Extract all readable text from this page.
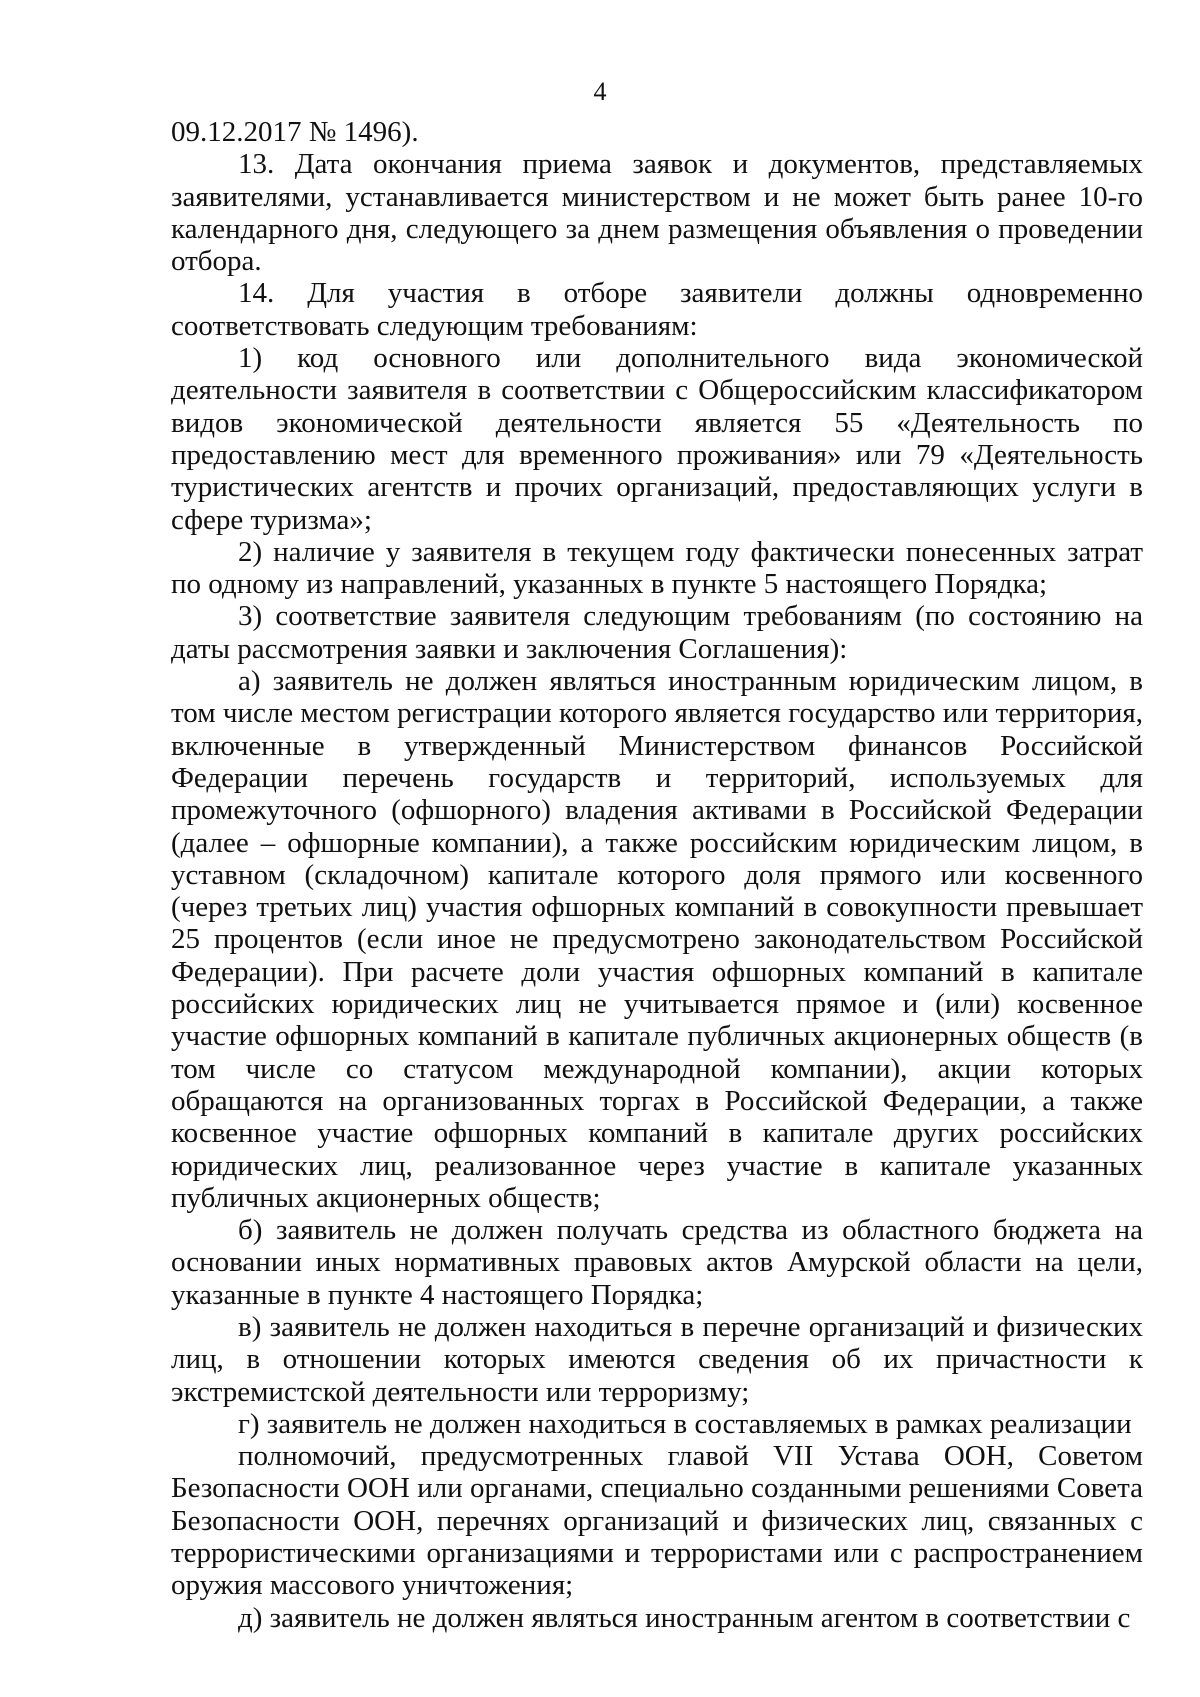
4

09.12.2017 № 1496).

13. Дата окончания приема заявок и документов, представляемых заявителями, устанавливается министерством и не может быть ранее 10-го календарного дня, следующего за днем размещения объявления о проведении отбора.

14. Для участия в отборе заявители должны одновременно соответствовать следующим требованиям:

1) код основного или дополнительного вида экономической деятельности заявителя в соответствии с Общероссийским классификатором видов экономической деятельности является 55 «Деятельность по предоставлению мест для временного проживания» или 79 «Деятельность туристических агентств и прочих организаций, предоставляющих услуги в сфере туризма»;

2) наличие у заявителя в текущем году фактически понесенных затрат по одному из направлений, указанных в пункте 5 настоящего Порядка;

3) соответствие заявителя следующим требованиям (по состоянию на даты рассмотрения заявки и заключения Соглашения):

а) заявитель не должен являться иностранным юридическим лицом, в том числе местом регистрации которого является государство или территория, включенные в утвержденный Министерством финансов Российской Федерации перечень государств и территорий, используемых для промежуточного (офшорного) владения активами в Российской Федерации (далее – офшорные компании), а также российским юридическим лицом, в уставном (складочном) капитале которого доля прямого или косвенного (через третьих лиц) участия офшорных компаний в совокупности превышает 25 процентов (если иное не предусмотрено законодательством Российской Федерации). При расчете доли участия офшорных компаний в капитале российских юридических лиц не учитывается прямое и (или) косвенное участие офшорных компаний в капитале публичных акционерных обществ (в том числе со статусом международной компании), акции которых обращаются на организованных торгах в Российской Федерации, а также косвенное участие офшорных компаний в капитале других российских юридических лиц, реализованное через участие в капитале указанных публичных акционерных обществ;

б) заявитель не должен получать средства из областного бюджета на основании иных нормативных правовых актов Амурской области на цели, указанные в пункте 4 настоящего Порядка;

в) заявитель не должен находиться в перечне организаций и физических лиц, в отношении которых имеются сведения об их причастности к экстремистской деятельности или терроризму;

г) заявитель не должен находиться в составляемых в рамках реализации

полномочий, предусмотренных главой VII Устава ООН, Советом Безопасности ООН или органами, специально созданными решениями Совета Безопасности ООН, перечнях организаций и физических лиц, связанных с террористическими организациями и террористами или с распространением оружия массового уничтожения;

д) заявитель не должен являться иностранным агентом в соответствии с
